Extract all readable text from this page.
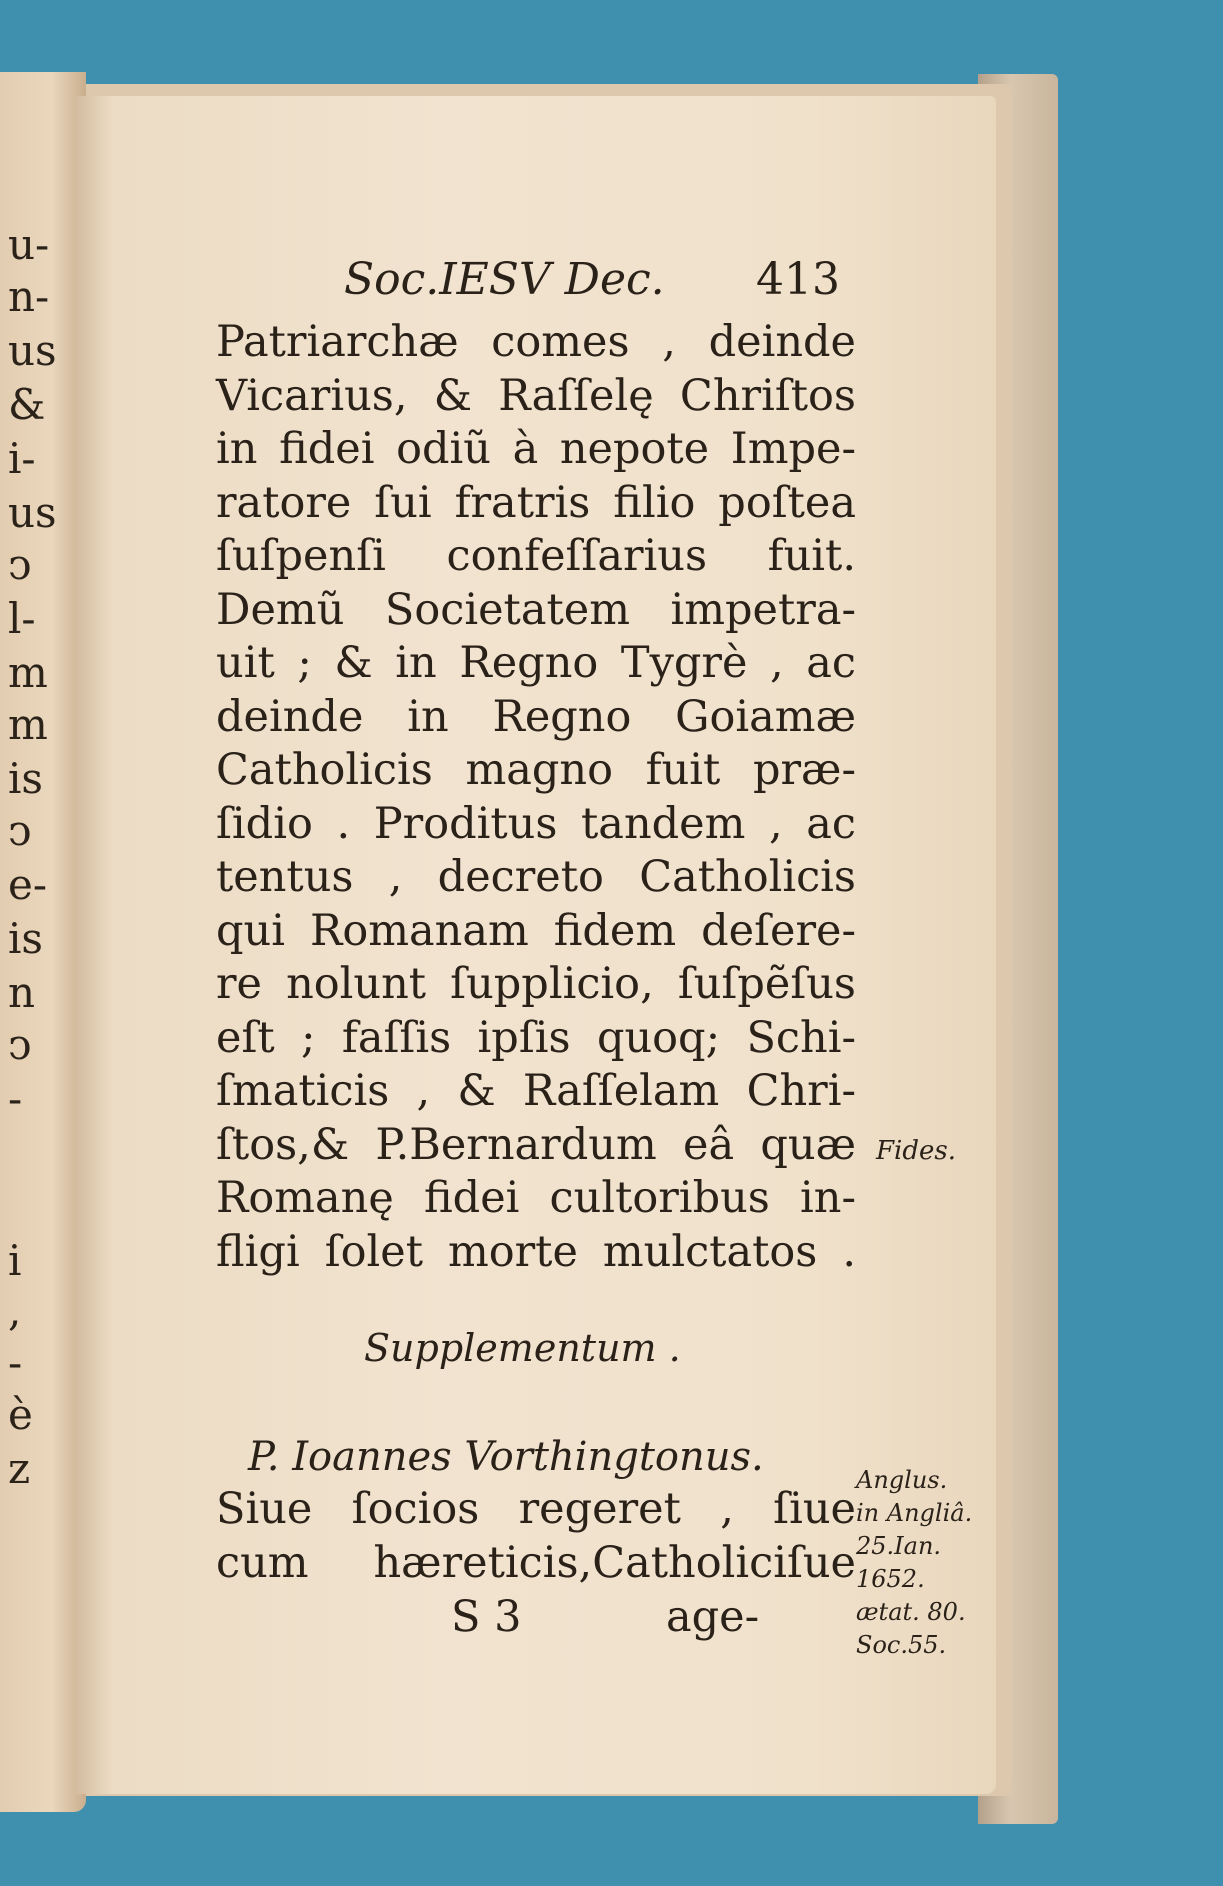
u-
n-
us
&
i-
us
ↄ
l-
m
m
is
ↄ
e-
is
n
ↄ
-
i
,
-
è
z
Soc.IESV Dec. 413
Patriarchæ comes , deinde
Vicarius, & Raſſelę Chriſtos
in fidei odiũ à nepote Impe-
ratore ſui fratris filio poſtea
ſuſpenſi confeſſarius fuit.
Demũ Societatem impetra-
uit ; & in Regno Tygrè , ac
deinde in Regno Goiamæ
Catholicis magno fuit præ-
ſidio . Proditus tandem , ac
tentus , decreto Catholicis
qui Romanam fidem deſere-
re nolunt ſupplicio, ſuſpẽſus
eſt ; faſſis ipſis quoq; Schi-
ſmaticis , & Raſſelam Chri-
ſtos,& P.Bernardum eâ quæ
Romanę fidei cultoribus in-
fligi ſolet morte mulctatos .
Supplementum .
P. Ioannes Vorthingtonus.
Siue ſocios regeret , ſiue
cum hæreticis,Catholiciſue
S 3	age-
Fides.
Anglus.
in Angliâ.
25.Ian.
1652.
ætat. 80.
Soc.55.
